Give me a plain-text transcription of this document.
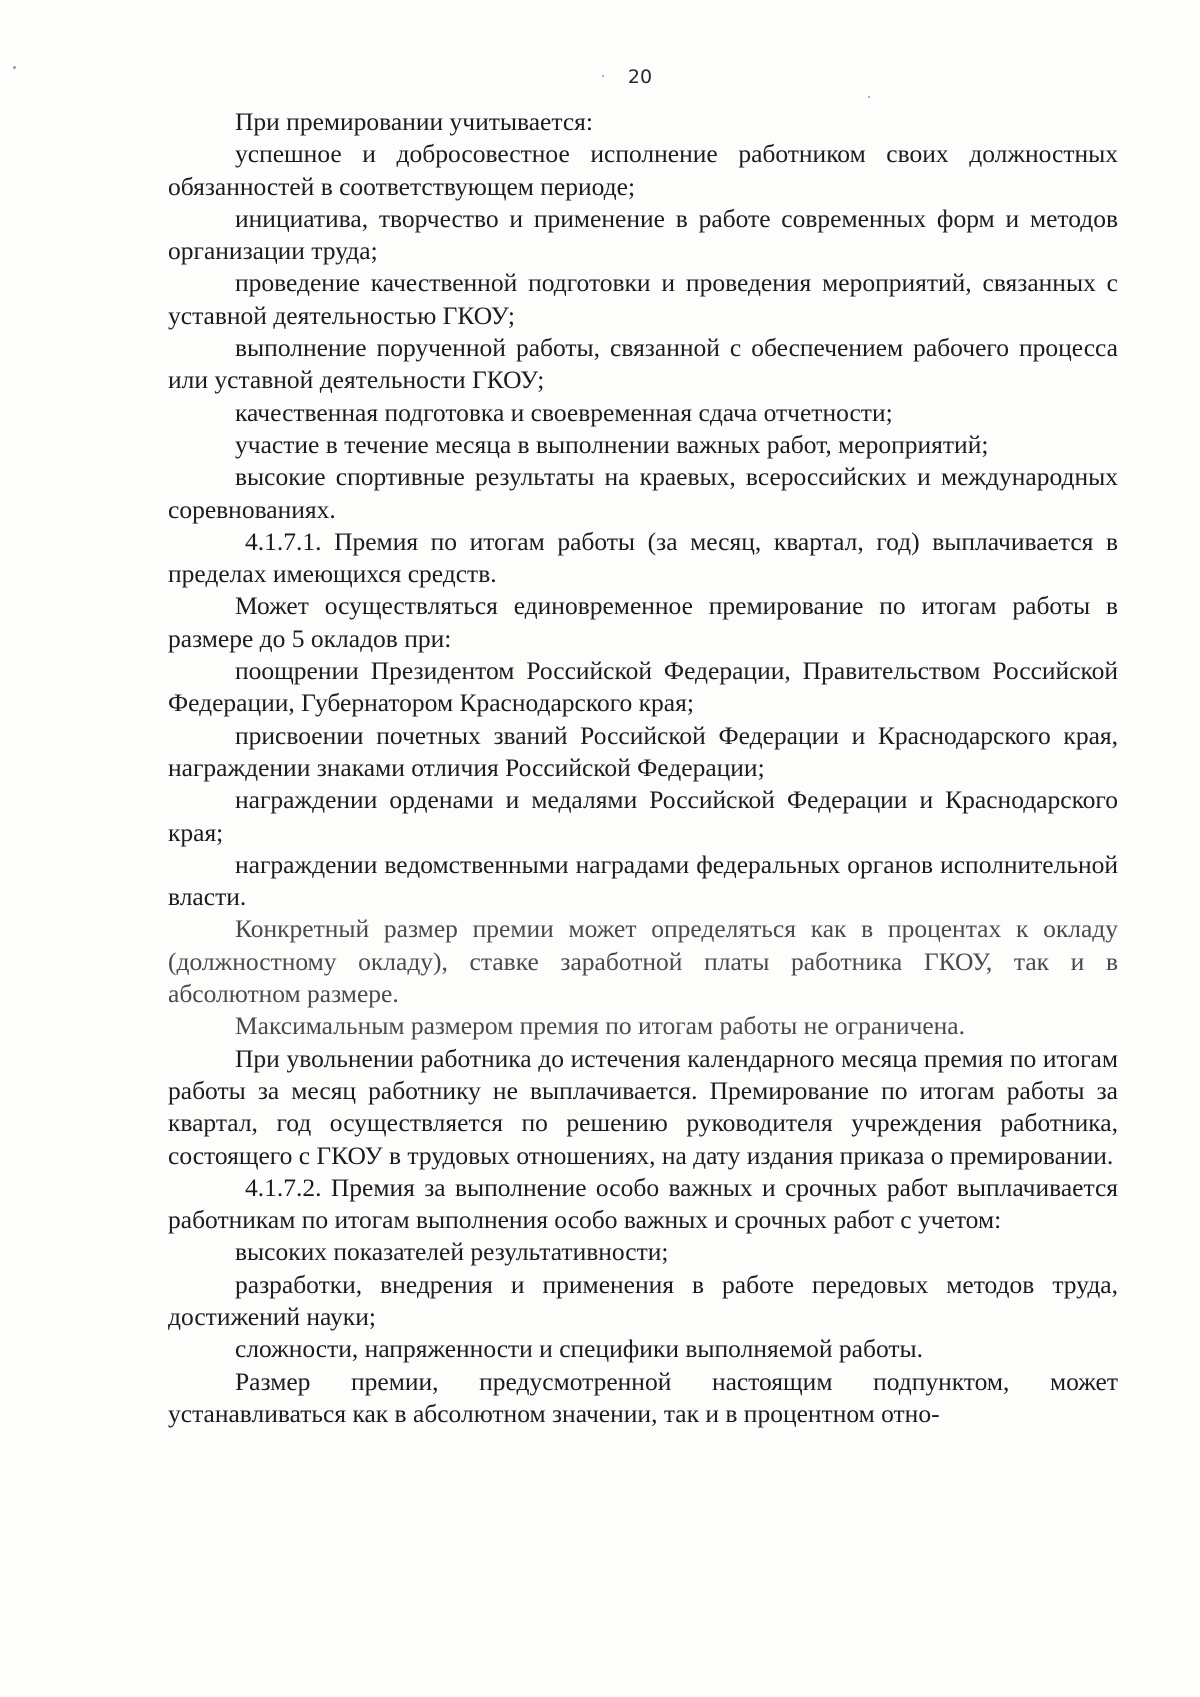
20

При премировании учитывается:

успешное и добросовестное исполнение работником своих должностных обязанностей в соответствующем периоде;

инициатива, творчество и применение в работе современных форм и методов организации труда;

проведение качественной подготовки и проведения мероприятий, связанных с уставной деятельностью ГКОУ;

выполнение порученной работы, связанной с обеспечением рабочего процесса или уставной деятельности ГКОУ;

качественная подготовка и своевременная сдача отчетности;

участие в течение месяца в выполнении важных работ, мероприятий;

высокие спортивные результаты на краевых, всероссийских и международных соревнованиях.

4.1.7.1. Премия по итогам работы (за месяц, квартал, год) выплачивается в пределах имеющихся средств.

Может осуществляться единовременное премирование по итогам работы в размере до 5 окладов при:

поощрении Президентом Российской Федерации, Правительством Российской Федерации, Губернатором Краснодарского края;

присвоении почетных званий Российской Федерации и Краснодарского края, награждении знаками отличия Российской Федерации;

награждении орденами и медалями Российской Федерации и Краснодарского края;

награждении ведомственными наградами федеральных органов исполнительной власти.

Конкретный размер премии может определяться как в процентах к окладу (должностному окладу), ставке заработной платы работника ГКОУ, так и в абсолютном размере.

Максимальным размером премия по итогам работы не ограничена.

При увольнении работника до истечения календарного месяца премия по итогам работы за месяц работнику не выплачивается. Премирование по итогам работы за квартал, год осуществляется по решению руководителя учреждения работника, состоящего с ГКОУ в трудовых отношениях, на дату издания приказа о премировании.

4.1.7.2. Премия за выполнение особо важных и срочных работ выплачивается работникам по итогам выполнения особо важных и срочных работ с учетом:

высоких показателей результативности;

разработки, внедрения и применения в работе передовых методов труда, достижений науки;

сложности, напряженности и специфики выполняемой работы.

Размер премии, предусмотренной настоящим подпунктом, может устанавливаться как в абсолютном значении, так и в процентном отно-
